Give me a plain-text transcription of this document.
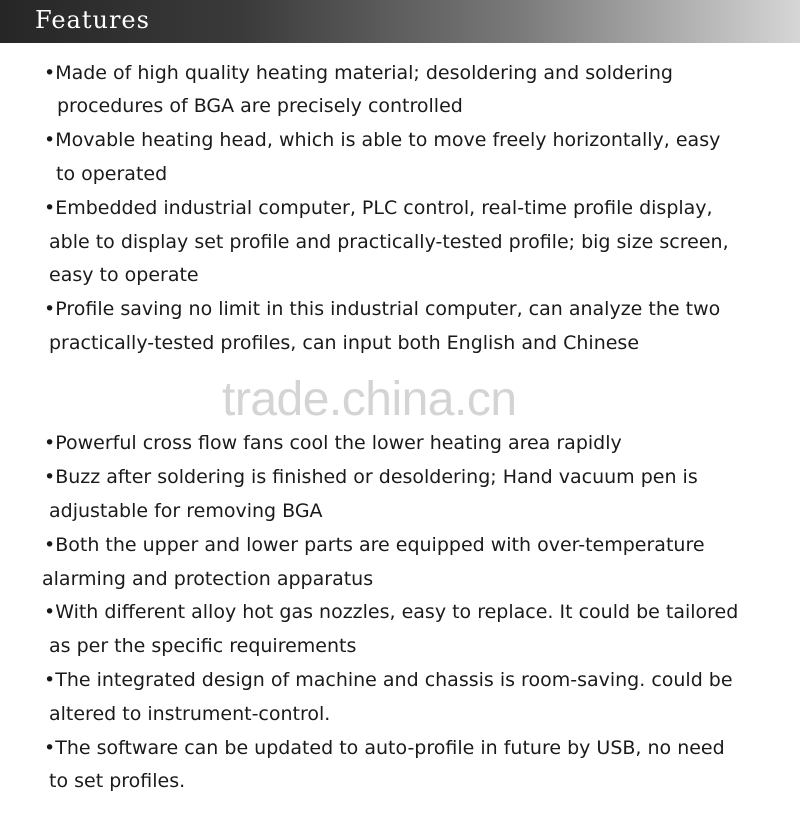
Features
•Made of high quality heating material; desoldering and soldering
procedures of BGA are precisely controlled
•Movable heating head, which is able to move freely horizontally, easy
to operated
•Embedded industrial computer, PLC control, real-time profile display,
able to display set profile and practically-tested profile; big size screen,
easy to operate
•Profile saving no limit in this industrial computer, can analyze the two
practically-tested profiles, can input both English and Chinese
trade.china.cn
•Powerful cross flow fans cool the lower heating area rapidly
•Buzz after soldering is finished or desoldering; Hand vacuum pen is
adjustable for removing BGA
•Both the upper and lower parts are equipped with over-temperature
alarming and protection apparatus
•With different alloy hot gas nozzles, easy to replace. It could be tailored
as per the specific requirements
•The integrated design of machine and chassis is room-saving. could be
altered to instrument-control.
•The software can be updated to auto-profile in future by USB, no need
to set profiles.
